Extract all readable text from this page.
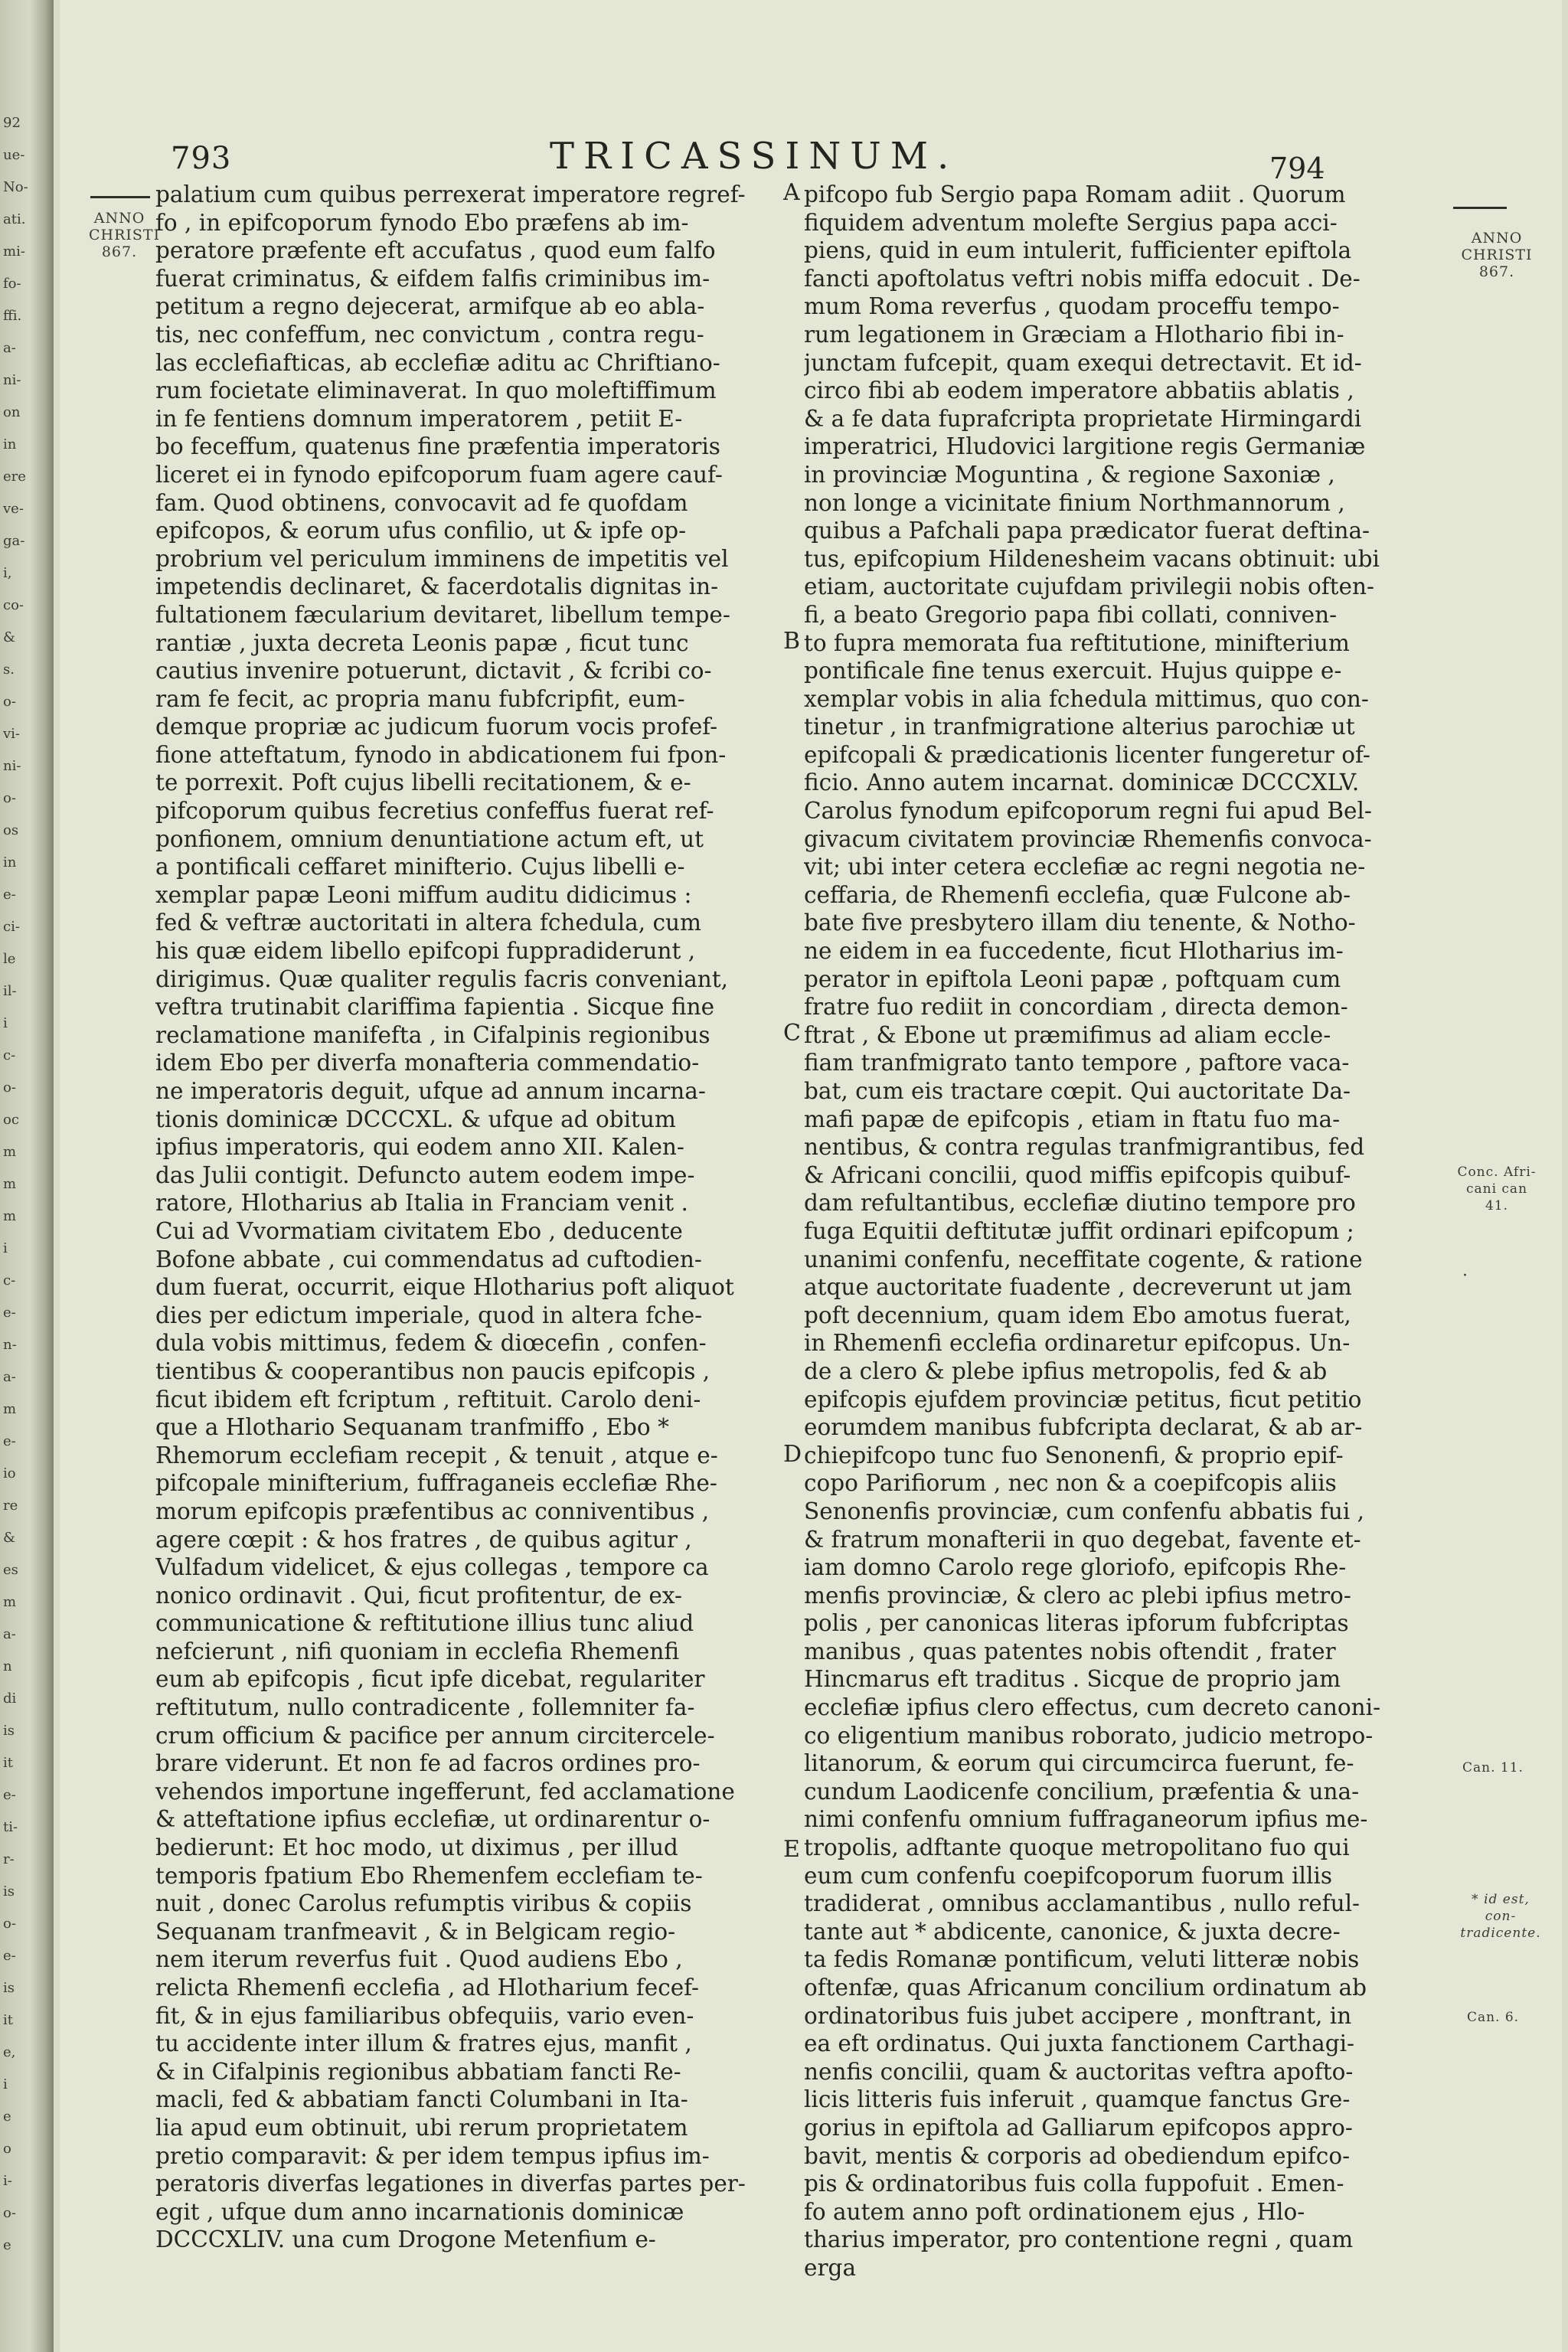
92
ue-
No-
ati.
mi-
fo-
ffi.
a-
ni-
on
in
ere
ve-
ga-
i,
co-
&
s.
o-
vi-
ni-
o-
os
in
e-
ci-
le
il-
i
c-
o-
oc
m
m
m
i
c-
e-
n-
a-
m
e-
io
re
&
es
m
a-
n
di
is
it
e-
ti-
r-
is
o-
e-
is
it
e,
i
e
o
i-
o-
e
793	TRICASSINUM.	794
ANNO
CHRISTI
867.
ANNO
CHRISTI
867.
Conc. Afri-
cani can 41.
·
Can. 11.
* id est, con-
tradicente.
Can. 6.
palatium cum quibus perrexerat imperatore regref-
fo , in epifcoporum fynodo Ebo præfens ab im-
peratore præfente eft accufatus , quod eum falfo
fuerat criminatus, & eifdem falfis criminibus im-
petitum a regno dejecerat, armifque ab eo abla-
tis, nec confeffum, nec convictum , contra regu-
las ecclefiafticas, ab ecclefiæ aditu ac Chriftiano-
rum focietate eliminaverat. In quo moleftiffimum
in fe fentiens domnum imperatorem , petiit E-
bo feceffum, quatenus fine præfentia imperatoris
liceret ei in fynodo epifcoporum fuam agere cauf-
fam. Quod obtinens, convocavit ad fe quofdam
epifcopos, & eorum ufus confilio, ut & ipfe op-
probrium vel periculum imminens de impetitis vel
impetendis declinaret, & facerdotalis dignitas in-
fultationem fæcularium devitaret, libellum tempe-
rantiæ , juxta decreta Leonis papæ , ficut tunc
cautius invenire potuerunt, dictavit , & fcribi co-
ram fe fecit, ac propria manu fubfcripfit, eum-
demque propriæ ac judicum fuorum vocis profef-
fione atteftatum, fynodo in abdicationem fui fpon-
te porrexit. Poft cujus libelli recitationem, & e-
pifcoporum quibus fecretius confeffus fuerat ref-
ponfionem, omnium denuntiatione actum eft, ut
a pontificali ceffaret minifterio. Cujus libelli e-
xemplar papæ Leoni miffum auditu didicimus :
fed & veftræ auctoritati in altera fchedula, cum
his quæ eidem libello epifcopi fuppradiderunt ,
dirigimus. Quæ qualiter regulis facris conveniant,
veftra trutinabit clariffima fapientia . Sicque fine
reclamatione manifefta , in Cifalpinis regionibus
idem Ebo per diverfa monafteria commendatio-
ne imperatoris deguit, ufque ad annum incarna-
tionis dominicæ DCCCXL. & ufque ad obitum
ipfius imperatoris, qui eodem anno XII. Kalen-
das Julii contigit. Defuncto autem eodem impe-
ratore, Hlotharius ab Italia in Franciam venit .
Cui ad Vvormatiam civitatem Ebo , deducente
Bofone abbate , cui commendatus ad cuftodien-
dum fuerat, occurrit, eique Hlotharius poft aliquot
dies per edictum imperiale, quod in altera fche-
dula vobis mittimus, fedem & diœcefin , confen-
tientibus & cooperantibus non paucis epifcopis ,
ficut ibidem eft fcriptum , reftituit. Carolo deni-
que a Hlothario Sequanam tranfmiffo , Ebo *
Rhemorum ecclefiam recepit , & tenuit , atque e-
pifcopale minifterium, fuffraganeis ecclefiæ Rhe-
morum epifcopis præfentibus ac conniventibus ,
agere cœpit : & hos fratres , de quibus agitur ,
Vulfadum videlicet, & ejus collegas , tempore ca
nonico ordinavit . Qui, ficut profitentur, de ex-
communicatione & reftitutione illius tunc aliud
nefcierunt , nifi quoniam in ecclefia Rhemenfi
eum ab epifcopis , ficut ipfe dicebat, regulariter
reftitutum, nullo contradicente , follemniter fa-
crum officium & pacifice per annum circitercele-
brare viderunt. Et non fe ad facros ordines pro-
vehendos importune ingefferunt, fed acclamatione
& atteftatione ipfius ecclefiæ, ut ordinarentur o-
bedierunt: Et hoc modo, ut diximus , per illud
temporis fpatium Ebo Rhemenfem ecclefiam te-
nuit , donec Carolus refumptis viribus & copiis
Sequanam tranfmeavit , & in Belgicam regio-
nem iterum reverfus fuit . Quod audiens Ebo ,
relicta Rhemenfi ecclefia , ad Hlotharium fecef-
fit, & in ejus familiaribus obfequiis, vario even-
tu accidente inter illum & fratres ejus, manfit ,
& in Cifalpinis regionibus abbatiam fancti Re-
macli, fed & abbatiam fancti Columbani in Ita-
lia apud eum obtinuit, ubi rerum proprietatem
pretio comparavit: & per idem tempus ipfius im-
peratoris diverfas legationes in diverfas partes per-
egit , ufque dum anno incarnationis dominicæ
DCCCXLIV. una cum Drogone Metenfium e-
pifcopo fub Sergio papa Romam adiit . Quorum
fiquidem adventum molefte Sergius papa acci-
piens, quid in eum intulerit, fufficienter epiftola
fancti apoftolatus veftri nobis miffa edocuit . De-
mum Roma reverfus , quodam proceffu tempo-
rum legationem in Græciam a Hlothario fibi in-
junctam fufcepit, quam exequi detrectavit. Et id-
circo fibi ab eodem imperatore abbatiis ablatis ,
& a fe data fuprafcripta proprietate Hirmingardi
imperatrici, Hludovici largitione regis Germaniæ
in provinciæ Moguntina , & regione Saxoniæ ,
non longe a vicinitate finium Northmannorum ,
quibus a Pafchali papa prædicator fuerat deftina-
tus, epifcopium Hildenesheim vacans obtinuit: ubi
etiam, auctoritate cujufdam privilegii nobis often-
fi, a beato Gregorio papa fibi collati, conniven-
to fupra memorata fua reftitutione, minifterium
pontificale fine tenus exercuit. Hujus quippe e-
xemplar vobis in alia fchedula mittimus, quo con-
tinetur , in tranfmigratione alterius parochiæ ut
epifcopali & prædicationis licenter fungeretur of-
ficio. Anno autem incarnat. dominicæ DCCCXLV.
Carolus fynodum epifcoporum regni fui apud Bel-
givacum civitatem provinciæ Rhemenfis convoca-
vit; ubi inter cetera ecclefiæ ac regni negotia ne-
ceffaria, de Rhemenfi ecclefia, quæ Fulcone ab-
bate five presbytero illam diu tenente, & Notho-
ne eidem in ea fuccedente, ficut Hlotharius im-
perator in epiftola Leoni papæ , poftquam cum
fratre fuo rediit in concordiam , directa demon-
ftrat , & Ebone ut præmifimus ad aliam eccle-
fiam tranfmigrato tanto tempore , paftore vaca-
bat, cum eis tractare cœpit. Qui auctoritate Da-
mafi papæ de epifcopis , etiam in ftatu fuo ma-
nentibus, & contra regulas tranfmigrantibus, fed
& Africani concilii, quod miffis epifcopis quibuf-
dam refultantibus, ecclefiæ diutino tempore pro
fuga Equitii deftitutæ juffit ordinari epifcopum ;
unanimi confenfu, neceffitate cogente, & ratione
atque auctoritate fuadente , decreverunt ut jam
poft decennium, quam idem Ebo amotus fuerat,
in Rhemenfi ecclefia ordinaretur epifcopus. Un-
de a clero & plebe ipfius metropolis, fed & ab
epifcopis ejufdem provinciæ petitus, ficut petitio
eorumdem manibus fubfcripta declarat, & ab ar-
chiepifcopo tunc fuo Senonenfi, & proprio epif-
copo Parifiorum , nec non & a coepifcopis aliis
Senonenfis provinciæ, cum confenfu abbatis fui ,
& fratrum monafterii in quo degebat, favente et-
iam domno Carolo rege gloriofo, epifcopis Rhe-
menfis provinciæ, & clero ac plebi ipfius metro-
polis , per canonicas literas ipforum fubfcriptas
manibus , quas patentes nobis oftendit , frater
Hincmarus eft traditus . Sicque de proprio jam
ecclefiæ ipfius clero effectus, cum decreto canoni-
co eligentium manibus roborato, judicio metropo-
litanorum, & eorum qui circumcirca fuerunt, fe-
cundum Laodicenfe concilium, præfentia & una-
nimi confenfu omnium fuffraganeorum ipfius me-
tropolis, adftante quoque metropolitano fuo qui
eum cum confenfu coepifcoporum fuorum illis
tradiderat , omnibus acclamantibus , nullo reful-
tante aut * abdicente, canonice, & juxta decre-
ta fedis Romanæ pontificum, veluti litteræ nobis
oftenfæ, quas Africanum concilium ordinatum ab
ordinatoribus fuis jubet accipere , monftrant, in
ea eft ordinatus. Qui juxta fanctionem Carthagi-
nenfis concilii, quam & auctoritas veftra apofto-
licis litteris fuis inferuit , quamque fanctus Gre-
gorius in epiftola ad Galliarum epifcopos appro-
bavit, mentis & corporis ad obediendum epifco-
pis & ordinatoribus fuis colla fuppofuit . Emen-
fo autem anno poft ordinationem ejus , Hlo-
tharius imperator, pro contentione regni , quam
erga
A
B
C
D
E
